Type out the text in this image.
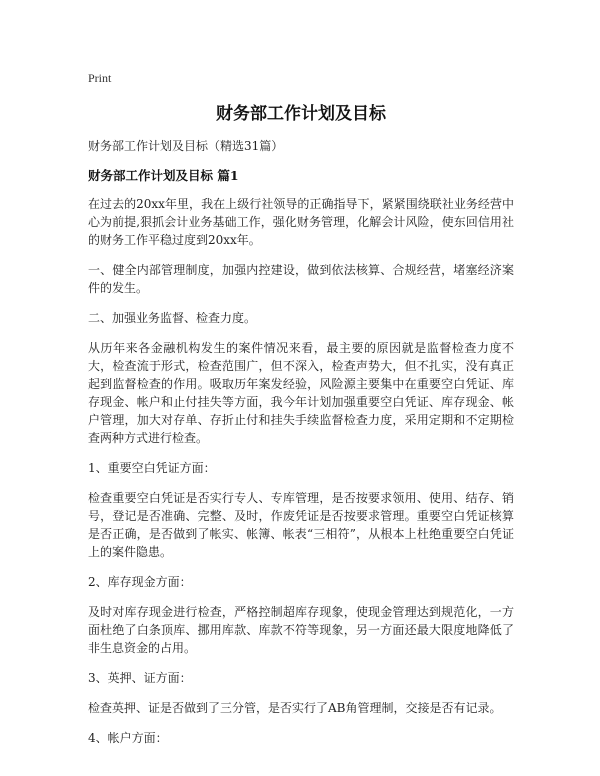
Print
财务部工作计划及目标

财务部工作计划及目标（精选31篇）

财务部工作计划及目标 篇1

在过去的20xx年里，我在上级行社领导的正确指导下，紧紧围绕联社业务经营中心为前提,狠抓会计业务基础工作，强化财务管理，化解会计风险，使东回信用社的财务工作平稳过度到20xx年。

一、健全内部管理制度，加强内控建设，做到依法核算、合规经营，堵塞经济案件的发生。

二、加强业务监督、检查力度。

从历年来各金融机构发生的案件情况来看，最主要的原因就是监督检查力度不大，检查流于形式，检查范围广，但不深入，检查声势大，但不扎实，没有真正起到监督检查的作用。吸取历年案发经验，风险源主要集中在重要空白凭证、库存现金、帐户和止付挂失等方面，我今年计划加强重要空白凭证、库存现金、帐户管理，加大对存单、存折止付和挂失手续监督检查力度，采用定期和不定期检查两种方式进行检查。

1、重要空白凭证方面：

检查重要空白凭证是否实行专人、专库管理，是否按要求领用、使用、结存、销号，登记是否准确、完整、及时，作废凭证是否按要求管理。重要空白凭证核算是否正确，是否做到了帐实、帐簿、帐表“三相符”，从根本上杜绝重要空白凭证上的案件隐患。

2、库存现金方面：

及时对库存现金进行检查，严格控制超库存现象，使现金管理达到规范化，一方面杜绝了白条顶库、挪用库款、库款不符等现象，另一方面还最大限度地降低了非生息资金的占用。

3、英押、证方面：

检查英押、证是否做到了三分管，是否实行了AB角管理制，交接是否有记录。

4、帐户方面：
